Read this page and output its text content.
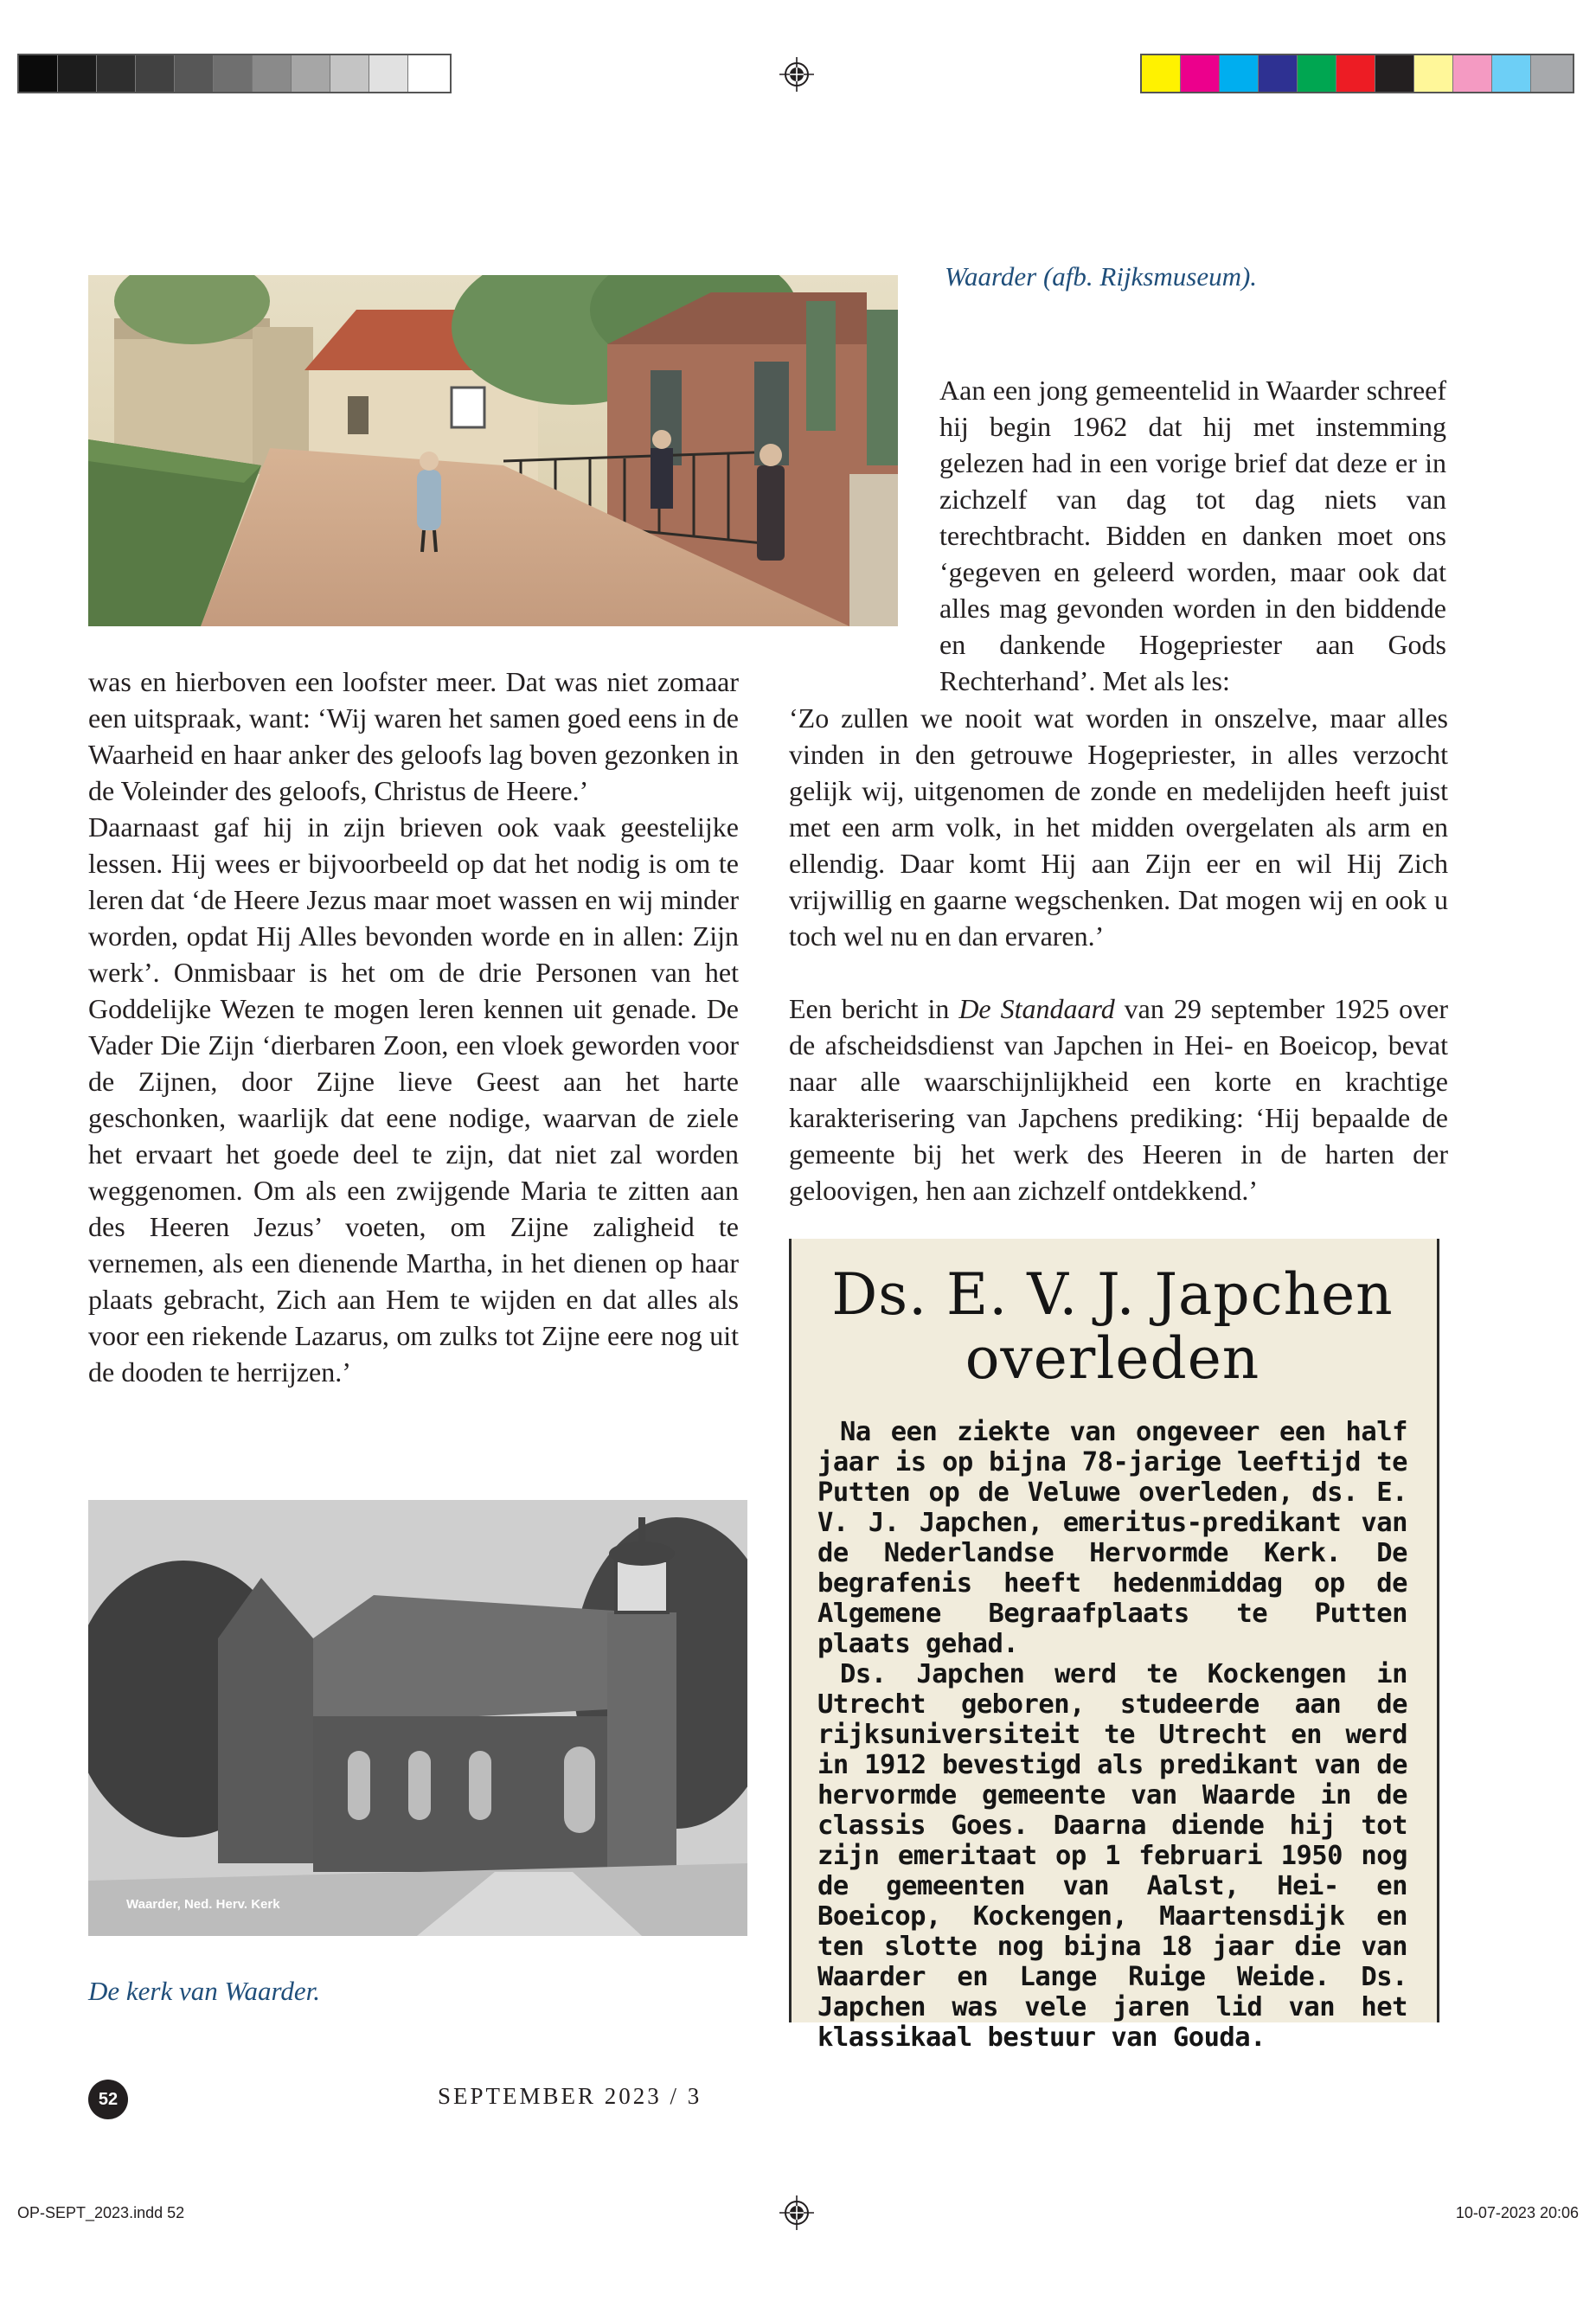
Waarder (afb. Rijksmuseum).

Aan een jong gemeentelid in Waarder schreef hij begin 1962 dat hij met instemming gelezen had in een vorige brief dat deze er in zichzelf van dag tot dag niets van terechtbracht. Bidden en danken moet ons ‘gegeven en geleerd worden, maar ook dat alles mag gevonden worden in den biddende en dankende Hogepriester aan Gods Rechterhand’. Met als les:

was en hierboven een loofster meer. Dat was niet zomaar een uitspraak, want: ‘Wij waren het samen goed eens in de Waarheid en haar anker des geloofs lag boven gezonken in de Voleinder des geloofs, Christus de Heere.’

Daarnaast gaf hij in zijn brieven ook vaak geestelijke lessen. Hij wees er bijvoorbeeld op dat het nodig is om te leren dat ‘de Heere Jezus maar moet wassen en wij minder worden, opdat Hij Alles bevonden worde en in allen: Zijn werk’. Onmisbaar is het om de drie Personen van het Goddelijke Wezen te mogen leren kennen uit genade. De Vader Die Zijn ‘dierbaren Zoon, een vloek geworden voor de Zijnen, door Zijne lieve Geest aan het harte geschonken, waarlijk dat eene nodige, waarvan de ziele het ervaart het goede deel te zijn, dat niet zal worden weggenomen. Om als een zwijgende Maria te zitten aan des Heeren Jezus’ voeten, om Zijne zaligheid te vernemen, als een dienende Martha, in het dienen op haar plaats gebracht, Zich aan Hem te wijden en dat alles als voor een riekende Lazarus, om zulks tot Zijne eere nog uit de dooden te herrijzen.’

‘Zo zullen we nooit wat worden in onszelve, maar alles vinden in den getrouwe Hogepriester, in alles verzocht gelijk wij, uitgenomen de zonde en medelijden heeft juist met een arm volk, in het midden overgelaten als arm en ellendig. Daar komt Hij aan Zijn eer en wil Hij Zich vrijwillig en gaarne wegschenken. Dat mogen wij en ook u toch wel nu en dan ervaren.’

Een bericht in De Standaard van 29 september 1925 over de afscheidsdienst van Japchen in Hei- en Boeicop, bevat naar alle waarschijnlijkheid een korte en krachtige karakterisering van Japchens prediking: ‘Hij bepaalde de gemeente bij het werk des Heeren in de harten der geloovigen, hen aan zichzelf ontdekkend.’

Ds. E. V. J. Japchen
overleden

Na een ziekte van ongeveer een half jaar is op bijna 78-jarige leeftijd te Putten op de Veluwe overleden, ds. E. V. J. Japchen, emeritus-predikant van de Nederlandse Hervormde Kerk. De begrafenis heeft hedenmiddag op de Algemene Begraafplaats te Putten plaats gehad.

Ds. Japchen werd te Kockengen in Utrecht geboren, studeerde aan de rijksuniversiteit te Utrecht en werd in 1912 bevestigd als predikant van de hervormde gemeente van Waarde in de classis Goes. Daarna diende hij tot zijn emeritaat op 1 februari 1950 nog de gemeenten van Aalst, Hei- en Boeicop, Kockengen, Maartensdijk en ten slotte nog bijna 18 jaar die van Waarder en Lange Ruige Weide. Ds. Japchen was vele jaren lid van het klassikaal bestuur van Gouda.

Waarder, Ned. Herv. Kerk
De kerk van Waarder.
52	SEPTEMBER 2023 / 3
OP-SEPT_2023.indd 52	10-07-2023 20:06
